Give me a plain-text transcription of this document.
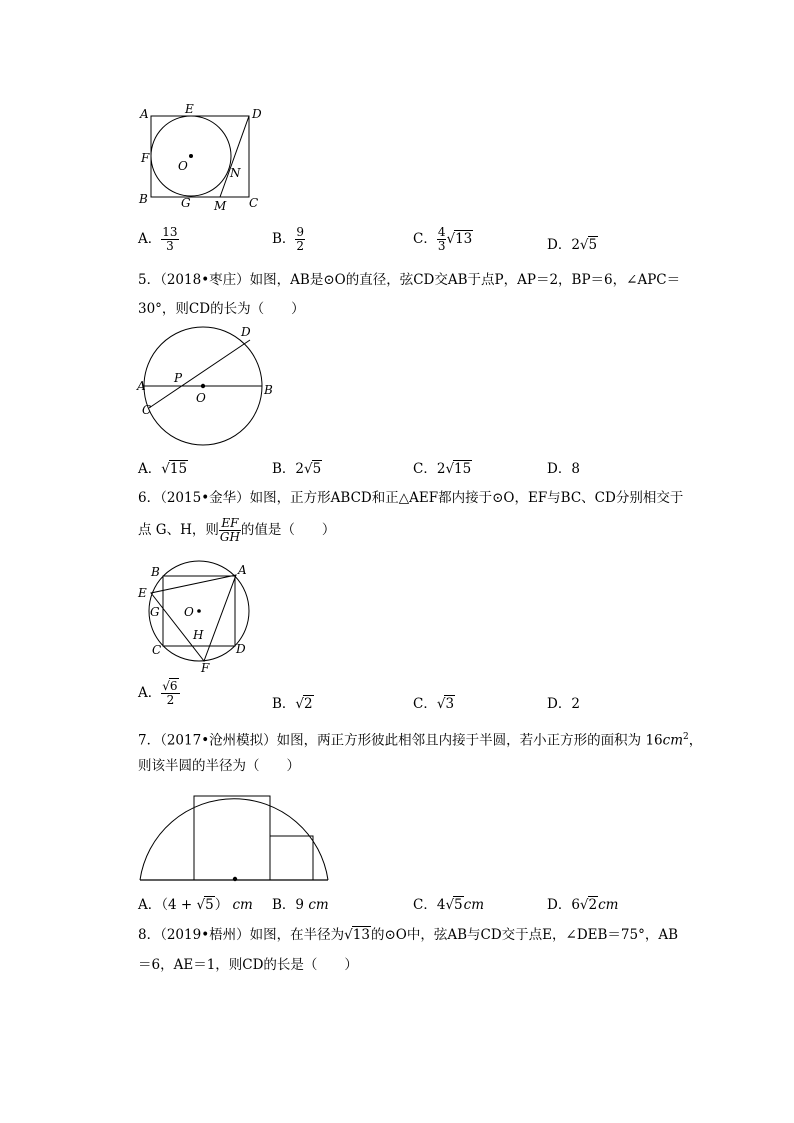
A	E	D
F
O	N
B	G M C
A． $\frac{13}{3}$	B． $\frac{9}{2}$	C． $\frac{4}{3} √13$	D．2√5
5．（2018•枣庄）如图，AB是⊙O的直径，弦CD交AB于点P，AP＝2，BP＝6，∠APC＝
30°，则CD的长为（　　）
D
A
P
B
O
C
A．√15	B．2√5	C．2√15	D．8
6．（2015•金华）如图，正方形ABCD和正△AEF都内接于⊙O，EF与BC、CD分别相交于
点 G、H，则 $\frac{EF}{GH}$ 的值是（　　）
B	A
E
G O
H
C
F
D
A． $\frac{√6}{2}$	B．√2	C．√3	D．2
7．（2017•沧州模拟）如图，两正方形彼此相邻且内接于半圆，若小正方形的面积为 $16cm^2$，
则该半圆的半径为（　　）
A．（4 + √5） cm B．9 cm	C．4√5cm	D．6√2cm
8．（2019•梧州）如图，在半径为√13的⊙O中，弦AB与CD交于点E，∠DEB＝75°，AB
＝6，AE＝1，则CD的长是（　　）
